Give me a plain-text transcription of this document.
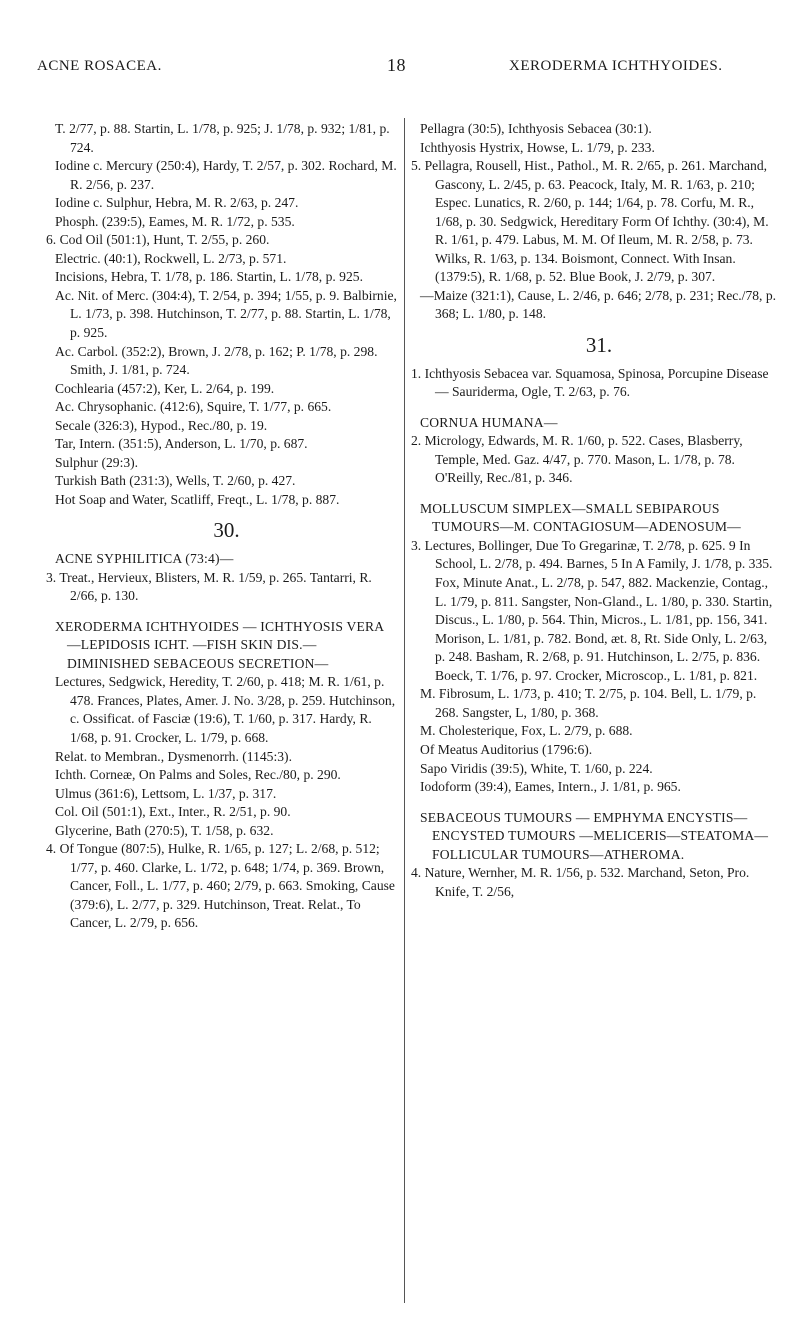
ACNE ROSACEA.	18	XERODERMA ICHTHYOIDES.

T. 2/77, p. 88. Startin, L. 1/78, p. 925; J. 1/78, p. 932; 1/81, p. 724.

Iodine c. Mercury (250:4), Hardy, T. 2/57, p. 302. Rochard, M. R. 2/56, p. 237.

Iodine c. Sulphur, Hebra, M. R. 2/63, p. 247.

Phosph. (239:5), Eames, M. R. 1/72, p. 535.

6. Cod Oil (501:1), Hunt, T. 2/55, p. 260.

Electric. (40:1), Rockwell, L. 2/73, p. 571.

Incisions, Hebra, T. 1/78, p. 186. Startin, L. 1/78, p. 925.

Ac. Nit. of Merc. (304:4), T. 2/54, p. 394; 1/55, p. 9. Balbirnie, L. 1/73, p. 398. Hutchinson, T. 2/77, p. 88. Startin, L. 1/78, p. 925.

Ac. Carbol. (352:2), Brown, J. 2/78, p. 162; P. 1/78, p. 298. Smith, J. 1/81, p. 724.

Cochlearia (457:2), Ker, L. 2/64, p. 199.

Ac. Chrysophanic. (412:6), Squire, T. 1/77, p. 665.

Secale (326:3), Hypod., Rec./80, p. 19.

Tar, Intern. (351:5), Anderson, L. 1/70, p. 687.

Sulphur (29:3).

Turkish Bath (231:3), Wells, T. 2/60, p. 427.

Hot Soap and Water, Scatliff, Freqt., L. 1/78, p. 887.

30.

ACNE SYPHILITICA (73:4)—

3. Treat., Hervieux, Blisters, M. R. 1/59, p. 265. Tantarri, R. 2/66, p. 130.

XERODERMA ICHTHYOIDES — ICHTHYOSIS VERA—LEPIDOSIS ICHT. —FISH SKIN DIS.—DIMINISHED SEBACEOUS SECRETION—

Lectures, Sedgwick, Heredity, T. 2/60, p. 418; M. R. 1/61, p. 478. Frances, Plates, Amer. J. No. 3/28, p. 259. Hutchinson, c. Ossificat. of Fasciæ (19:6), T. 1/60, p. 317. Hardy, R. 1/68, p. 91. Crocker, L. 1/79, p. 668.

Relat. to Membran., Dysmenorrh. (1145:3).

Ichth. Corneæ, On Palms and Soles, Rec./80, p. 290.

Ulmus (361:6), Lettsom, L. 1/37, p. 317.

Col. Oil (501:1), Ext., Inter., R. 2/51, p. 90.

Glycerine, Bath (270:5), T. 1/58, p. 632.

4. Of Tongue (807:5), Hulke, R. 1/65, p. 127; L. 2/68, p. 512; 1/77, p. 460. Clarke, L. 1/72, p. 648; 1/74, p. 369. Brown, Cancer, Foll., L. 1/77, p. 460; 2/79, p. 663. Smoking, Cause (379:6), L. 2/77, p. 329. Hutchinson, Treat. Relat., To Cancer, L. 2/79, p. 656.

Pellagra (30:5), Ichthyosis Sebacea (30:1).

Ichthyosis Hystrix, Howse, L. 1/79, p. 233.

5. Pellagra, Rousell, Hist., Pathol., M. R. 2/65, p. 261. Marchand, Gascony, L. 2/45, p. 63. Peacock, Italy, M. R. 1/63, p. 210; Espec. Lunatics, R. 2/60, p. 144; 1/64, p. 78. Corfu, M. R., 1/68, p. 30. Sedgwick, Hereditary Form Of Ichthy. (30:4), M. R. 1/61, p. 479. Labus, M. M. Of Ileum, M. R. 2/58, p. 73. Wilks, R. 1/63, p. 134. Boismont, Connect. With Insan. (1379:5), R. 1/68, p. 52. Blue Book, J. 2/79, p. 307.

—Maize (321:1), Cause, L. 2/46, p. 646; 2/78, p. 231; Rec./78, p. 368; L. 1/80, p. 148.

31.

1. Ichthyosis Sebacea var. Squamosa, Spinosa, Porcupine Disease — Sauriderma, Ogle, T. 2/63, p. 76.

CORNUA HUMANA—

2. Micrology, Edwards, M. R. 1/60, p. 522. Cases, Blasberry, Temple, Med. Gaz. 4/47, p. 770. Mason, L. 1/78, p. 78. O'Reilly, Rec./81, p. 346.

MOLLUSCUM SIMPLEX—SMALL SEBIPAROUS TUMOURS—M. CONTAGIOSUM—ADENOSUM—

3. Lectures, Bollinger, Due To Gregarinæ, T. 2/78, p. 625. 9 In School, L. 2/78, p. 494. Barnes, 5 In A Family, J. 1/78, p. 335. Fox, Minute Anat., L. 2/78, p. 547, 882. Mackenzie, Contag., L. 1/79, p. 811. Sangster, Non-Gland., L. 1/80, p. 330. Startin, Discus., L. 1/80, p. 564. Thin, Micros., L. 1/81, pp. 156, 341. Morison, L. 1/81, p. 782. Bond, æt. 8, Rt. Side Only, L. 2/63, p. 248. Basham, R. 2/68, p. 91. Hutchinson, L. 2/75, p. 836. Boeck, T. 1/76, p. 97. Crocker, Microscop., L. 1/81, p. 821.

M. Fibrosum, L. 1/73, p. 410; T. 2/75, p. 104. Bell, L. 1/79, p. 268. Sangster, L, 1/80, p. 368.

M. Cholesterique, Fox, L. 2/79, p. 688.

Of Meatus Auditorius (1796:6).

Sapo Viridis (39:5), White, T. 1/60, p. 224.

Iodoform (39:4), Eames, Intern., J. 1/81, p. 965.

SEBACEOUS TUMOURS — EMPHYMA ENCYSTIS—ENCYSTED TUMOURS —MELICERIS—STEATOMA—FOLLICULAR TUMOURS—ATHEROMA.

4. Nature, Wernher, M. R. 1/56, p. 532. Marchand, Seton, Pro. Knife, T. 2/56,
